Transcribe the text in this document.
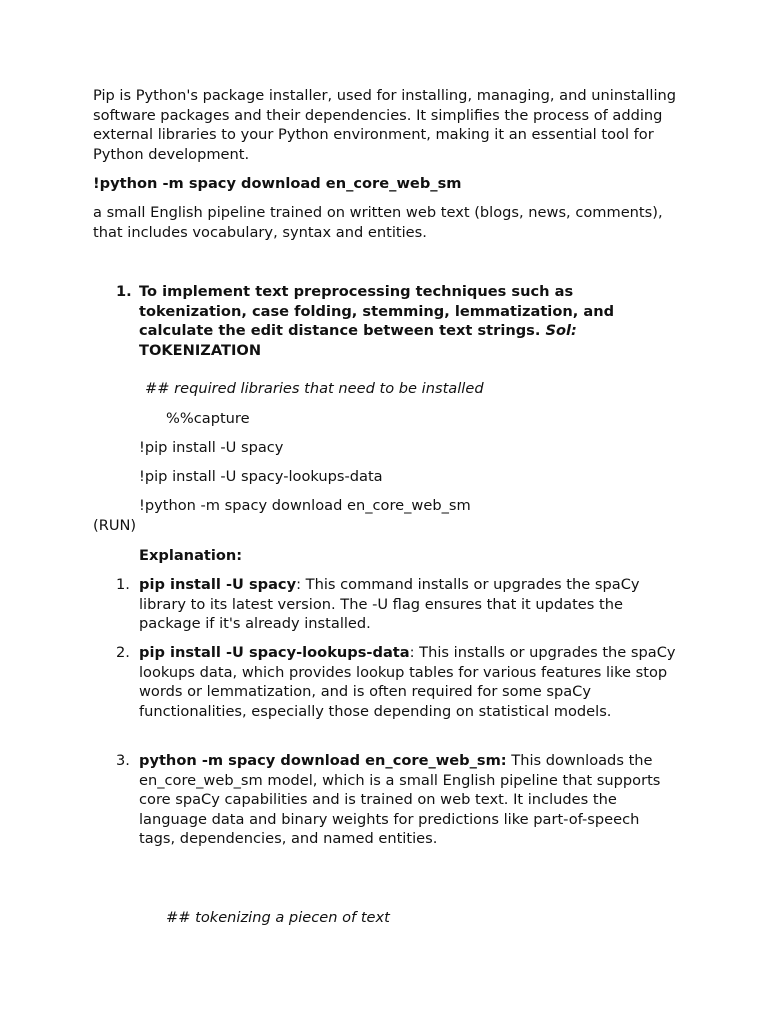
Pip is Python's package installer, used for installing, managing, and uninstalling software packages and their dependencies. It simplifies the process of adding external libraries to your Python environment, making it an essential tool for Python development.

!python -m spacy download en_core_web_sm

a small English pipeline trained on written web text (blogs, news, comments), that includes vocabulary, syntax and entities.

1. To implement text preprocessing techniques such as tokenization, case folding, stemming, lemmatization, and calculate the edit distance between text strings. Sol:
TOKENIZATION

## required libraries that need to be installed

%%capture

!pip install -U spacy

!pip install -U spacy-lookups-data

!python -m spacy download en_core_web_sm

(RUN)

Explanation:

1. pip install -U spacy: This command installs or upgrades the spaCy library to its latest version. The -U flag ensures that it updates the package if it's already installed.

2. pip install -U spacy-lookups-data: This installs or upgrades the spaCy lookups data, which provides lookup tables for various features like stop words or lemmatization, and is often required for some spaCy functionalities, especially those depending on statistical models.

3. python -m spacy download en_core_web_sm: This downloads the en_core_web_sm model, which is a small English pipeline that supports core spaCy capabilities and is trained on web text. It includes the language data and binary weights for predictions like part-of-speech tags, dependencies, and named entities.

## tokenizing a piecen of text
